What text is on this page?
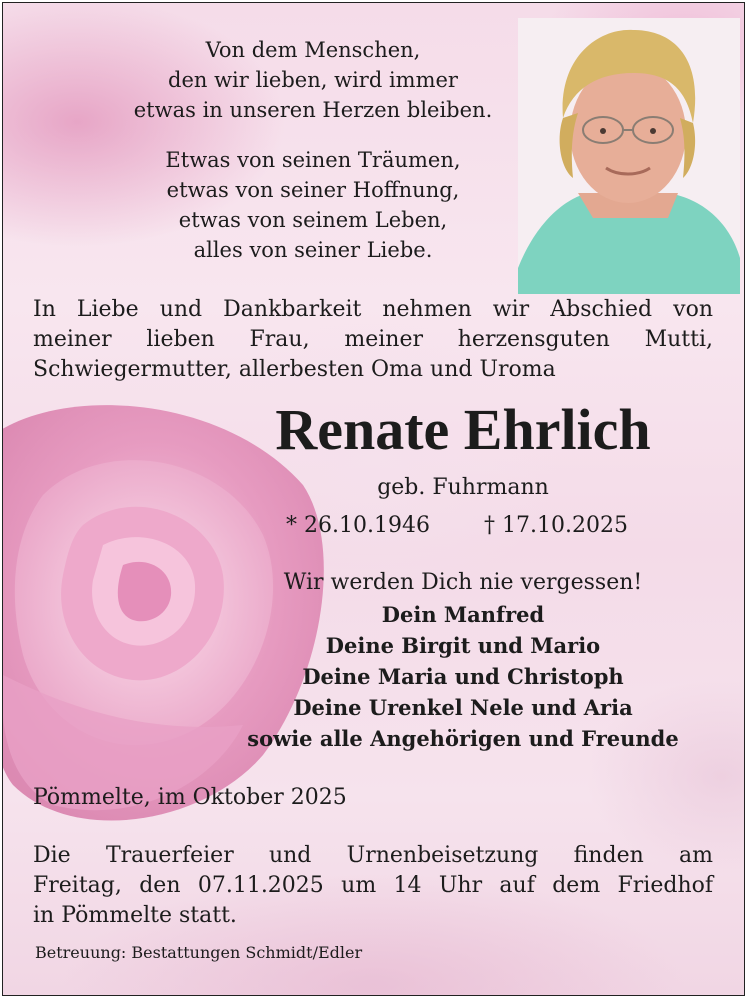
Von dem Menschen,

den wir lieben, wird immer

etwas in unseren Herzen bleiben.

Etwas von seinen Träumen,

etwas von seiner Hoffnung,

etwas von seinem Leben,

alles von seiner Liebe.

In Liebe und Dankbarkeit nehmen wir Abschied von

meiner lieben Frau, meiner herzensguten Mutti,

Schwiegermutter, allerbesten Oma und Uroma

Renate Ehrlich

geb. Fuhrmann

* 26.10.1946 † 17.10.2025

Wir werden Dich nie vergessen!

Dein Manfred

Deine Birgit und Mario

Deine Maria und Christoph

Deine Urenkel Nele und Aria

sowie alle Angehörigen und Freunde

Pömmelte, im Oktober 2025

Die Trauerfeier und Urnenbeisetzung finden am

Freitag, den 07.11.2025 um 14 Uhr auf dem Friedhof

in Pömmelte statt.

Betreuung: Bestattungen Schmidt/Edler
